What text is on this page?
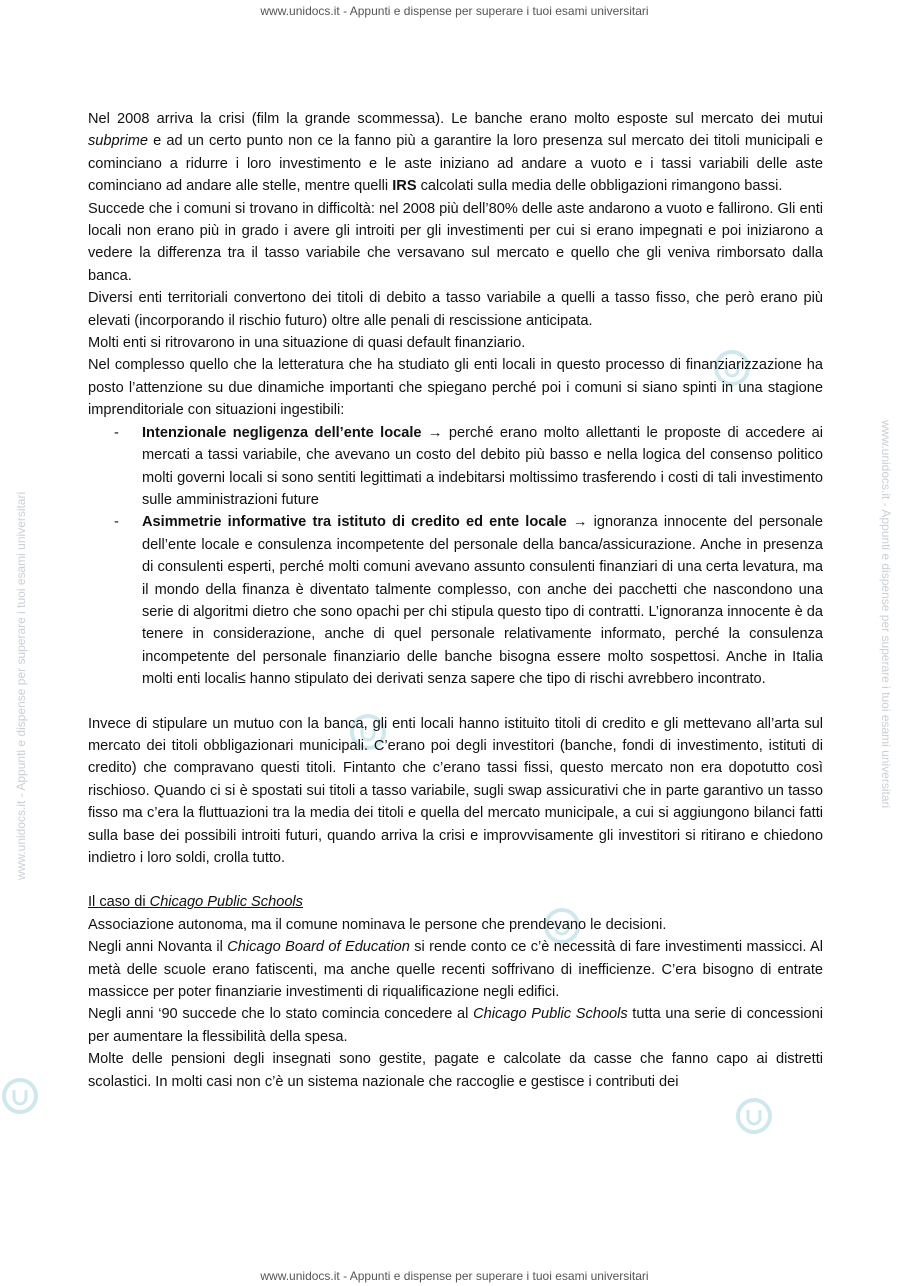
www.unidocs.it - Appunti e dispense per superare i tuoi esami universitari
www.unidocs.it - Appunti e dispense per superare i tuoi esami universitari
www.unidocs.it - Appunti e dispense per superare i tuoi esami universitari	www.unidocs.it - Appunti e dispense per superare i tuoi esami universitari

Nel 2008 arriva la crisi (film la grande scommessa). Le banche erano molto esposte sul mercato dei mutui subprime e ad un certo punto non ce la fanno più a garantire la loro presenza sul mercato dei titoli municipali e cominciano a ridurre i loro investimento e le aste iniziano ad andare a vuoto e i tassi variabili delle aste cominciano ad andare alle stelle, mentre quelli IRS calcolati sulla media delle obbligazioni rimangono bassi.

Succede che i comuni si trovano in difficoltà: nel 2008 più dell’80% delle aste andarono a vuoto e fallirono. Gli enti locali non erano più in grado i avere gli introiti per gli investimenti per cui si erano impegnati e poi iniziarono a vedere la differenza tra il tasso variabile che versavano sul mercato e quello che gli veniva rimborsato dalla banca.

Diversi enti territoriali convertono dei titoli di debito a tasso variabile a quelli a tasso fisso, che però erano più elevati (incorporando il rischio futuro) oltre alle penali di rescissione anticipata.

Molti enti si ritrovarono in una situazione di quasi default finanziario.

Nel complesso quello che la letteratura che ha studiato gli enti locali in questo processo di finanziarizzazione ha posto l’attenzione su due dinamiche importanti che spiegano perché poi i comuni si siano spinti in una stagione imprenditoriale con situazioni ingestibili:

- Intenzionale negligenza dell’ente locale → perché erano molto allettanti le proposte di accedere ai mercati a tassi variabile, che avevano un costo del debito più basso e nella logica del consenso politico molti governi locali si sono sentiti legittimati a indebitarsi moltissimo trasferendo i costi di tali investimento sulle amministrazioni future
- Asimmetrie informative tra istituto di credito ed ente locale → ignoranza innocente del personale dell’ente locale e consulenza incompetente del personale della banca/assicurazione. Anche in presenza di consulenti esperti, perché molti comuni avevano assunto consulenti finanziari di una certa levatura, ma il mondo della finanza è diventato talmente complesso, con anche dei pacchetti che nascondono una serie di algoritmi dietro che sono opachi per chi stipula questo tipo di contratti. L’ignoranza innocente è da tenere in considerazione, anche di quel personale relativamente informato, perché la consulenza incompetente del personale finanziario delle banche bisogna essere molto sospettosi. Anche in Italia molti enti locali≤ hanno stipulato dei derivati senza sapere che tipo di rischi avrebbero incontrato.

Invece di stipulare un mutuo con la banca, gli enti locali hanno istituito titoli di credito e gli mettevano all’arta sul mercato dei titoli obbligazionari municipali. C’erano poi degli investitori (banche, fondi di investimento, istituti di credito) che compravano questi titoli. Fintanto che c’erano tassi fissi, questo mercato non era dopotutto così rischioso. Quando ci si è spostati sui titoli a tasso variabile, sugli swap assicurativi che in parte garantivo un tasso fisso ma c’era la fluttuazioni tra la media dei titoli e quella del mercato municipale, a cui si aggiungono bilanci fatti sulla base dei possibili introiti futuri, quando arriva la crisi e improvvisamente gli investitori si ritirano e chiedono indietro i loro soldi, crolla tutto.

Il caso di Chicago Public Schools

Associazione autonoma, ma il comune nominava le persone che prendevano le decisioni.

Negli anni Novanta il Chicago Board of Education si rende conto ce c’è necessità di fare investimenti massicci. Al metà delle scuole erano fatiscenti, ma anche quelle recenti soffrivano di inefficienze. C’era bisogno di entrate massicce per poter finanziarie investimenti di riqualificazione negli edifici.

Negli anni ‘90 succede che lo stato comincia concedere al Chicago Public Schools tutta una serie di concessioni per aumentare la flessibilità della spesa.

Molte delle pensioni degli insegnati sono gestite, pagate e calcolate da casse che fanno capo ai distretti scolastici. In molti casi non c’è un sistema nazionale che raccoglie e gestisce i contributi dei
